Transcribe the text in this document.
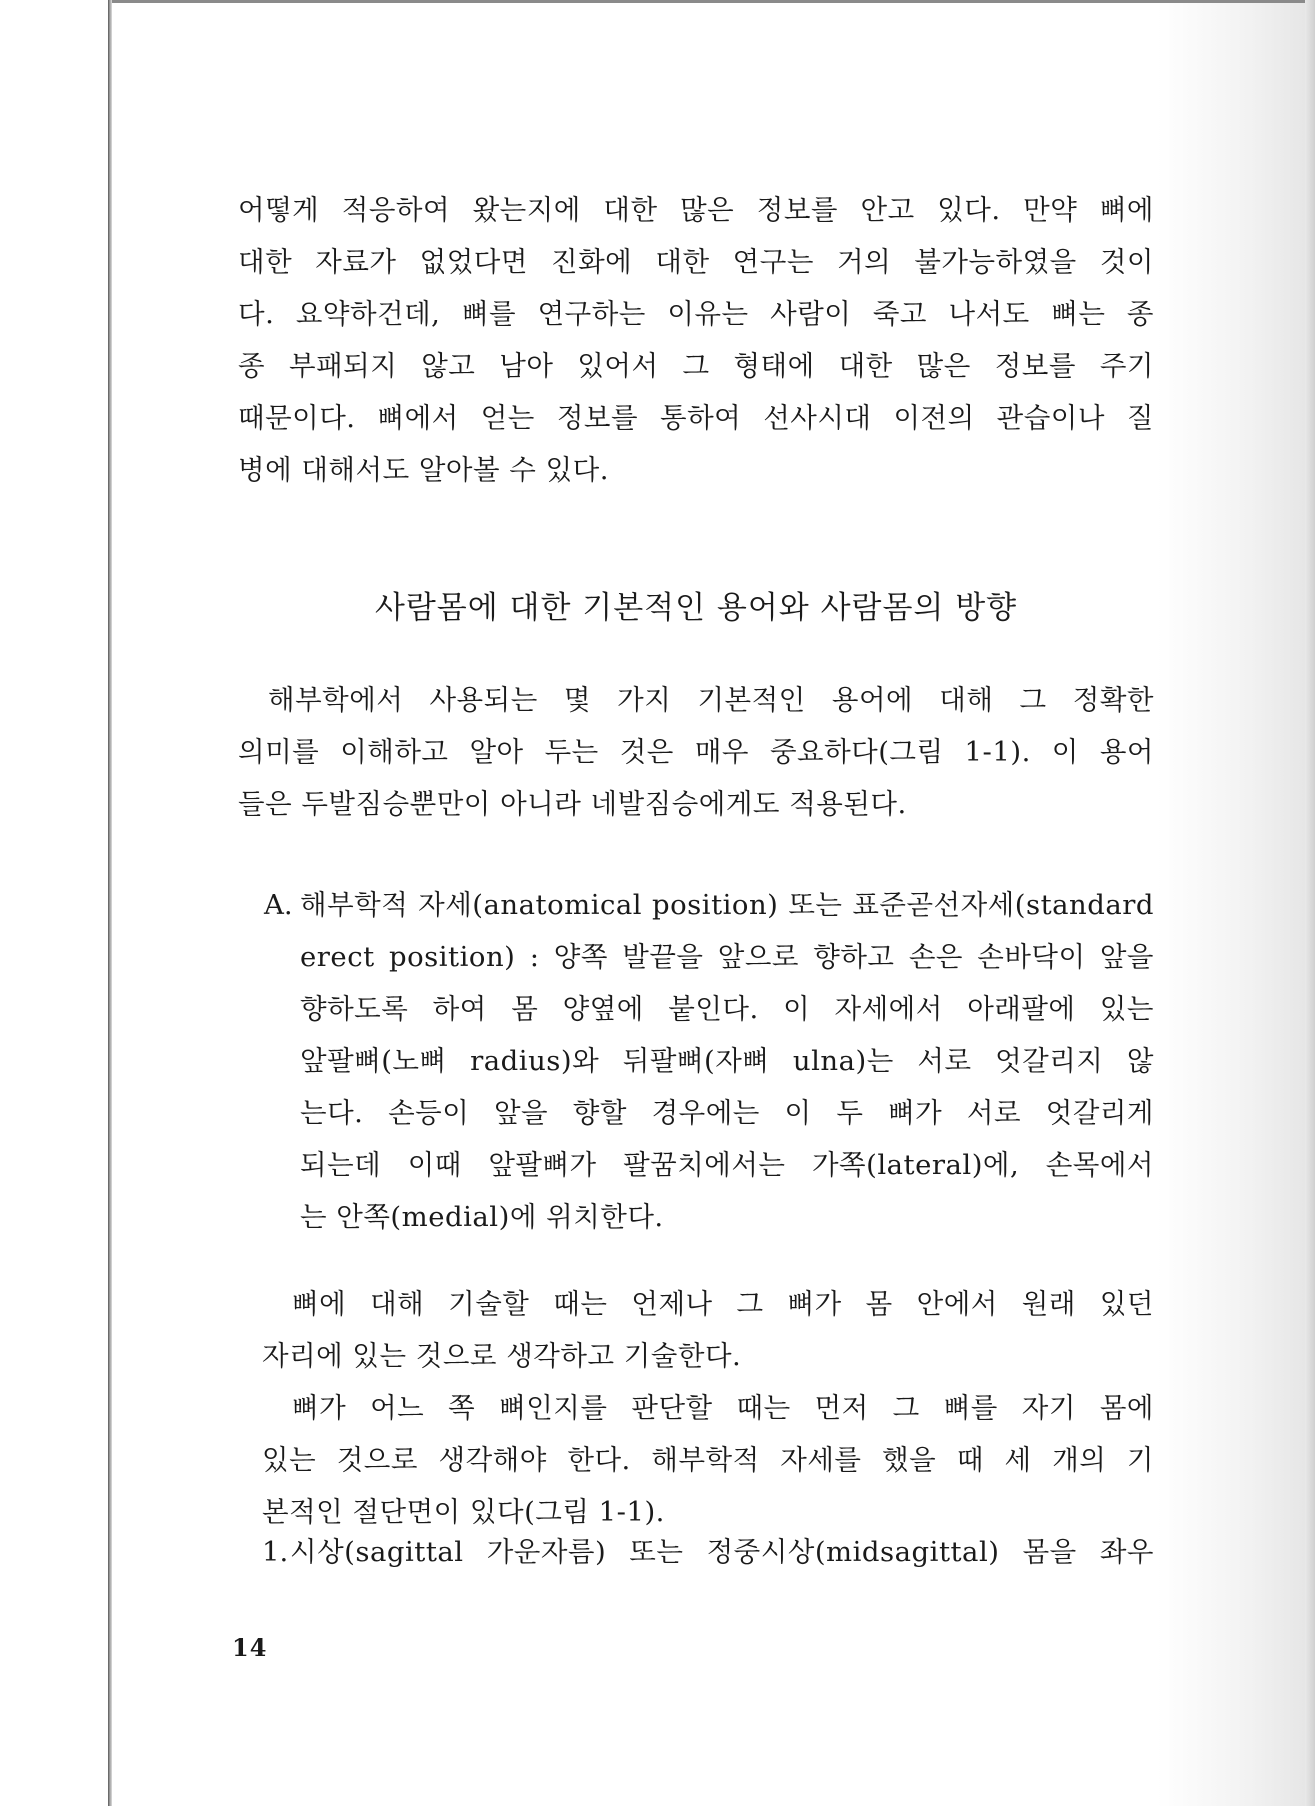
어떻게 적응하여 왔는지에 대한 많은 정보를 안고 있다. 만약 뼈에
대한 자료가 없었다면 진화에 대한 연구는 거의 불가능하였을 것이
다. 요약하건데, 뼈를 연구하는 이유는 사람이 죽고 나서도 뼈는 종
종 부패되지 않고 남아 있어서 그 형태에 대한 많은 정보를 주기
때문이다. 뼈에서 얻는 정보를 통하여 선사시대 이전의 관습이나 질
병에 대해서도 알아볼 수 있다.

사람몸에 대한 기본적인 용어와 사람몸의 방향

해부학에서 사용되는 몇 가지 기본적인 용어에 대해 그 정확한
의미를 이해하고 알아 두는 것은 매우 중요하다(그림 1-1). 이 용어
들은 두발짐승뿐만이 아니라 네발짐승에게도 적용된다.

A. 해부학적 자세(anatomical position) 또는 표준곧선자세(standard
erect position) : 양쪽 발끝을 앞으로 향하고 손은 손바닥이 앞을
향하도록 하여 몸 양옆에 붙인다. 이 자세에서 아래팔에 있는
앞팔뼈(노뼈 radius)와 뒤팔뼈(자뼈 ulna)는 서로 엇갈리지 않
는다. 손등이 앞을 향할 경우에는 이 두 뼈가 서로 엇갈리게
되는데 이때 앞팔뼈가 팔꿈치에서는 가쪽(lateral)에, 손목에서
는 안쪽(medial)에 위치한다.

뼈에 대해 기술할 때는 언제나 그 뼈가 몸 안에서 원래 있던
자리에 있는 것으로 생각하고 기술한다.

뼈가 어느 쪽 뼈인지를 판단할 때는 먼저 그 뼈를 자기 몸에
있는 것으로 생각해야 한다. 해부학적 자세를 했을 때 세 개의 기
본적인 절단면이 있다(그림 1-1).

1. 시상(sagittal 가운자름) 또는 정중시상(midsagittal) 몸을 좌우

14
